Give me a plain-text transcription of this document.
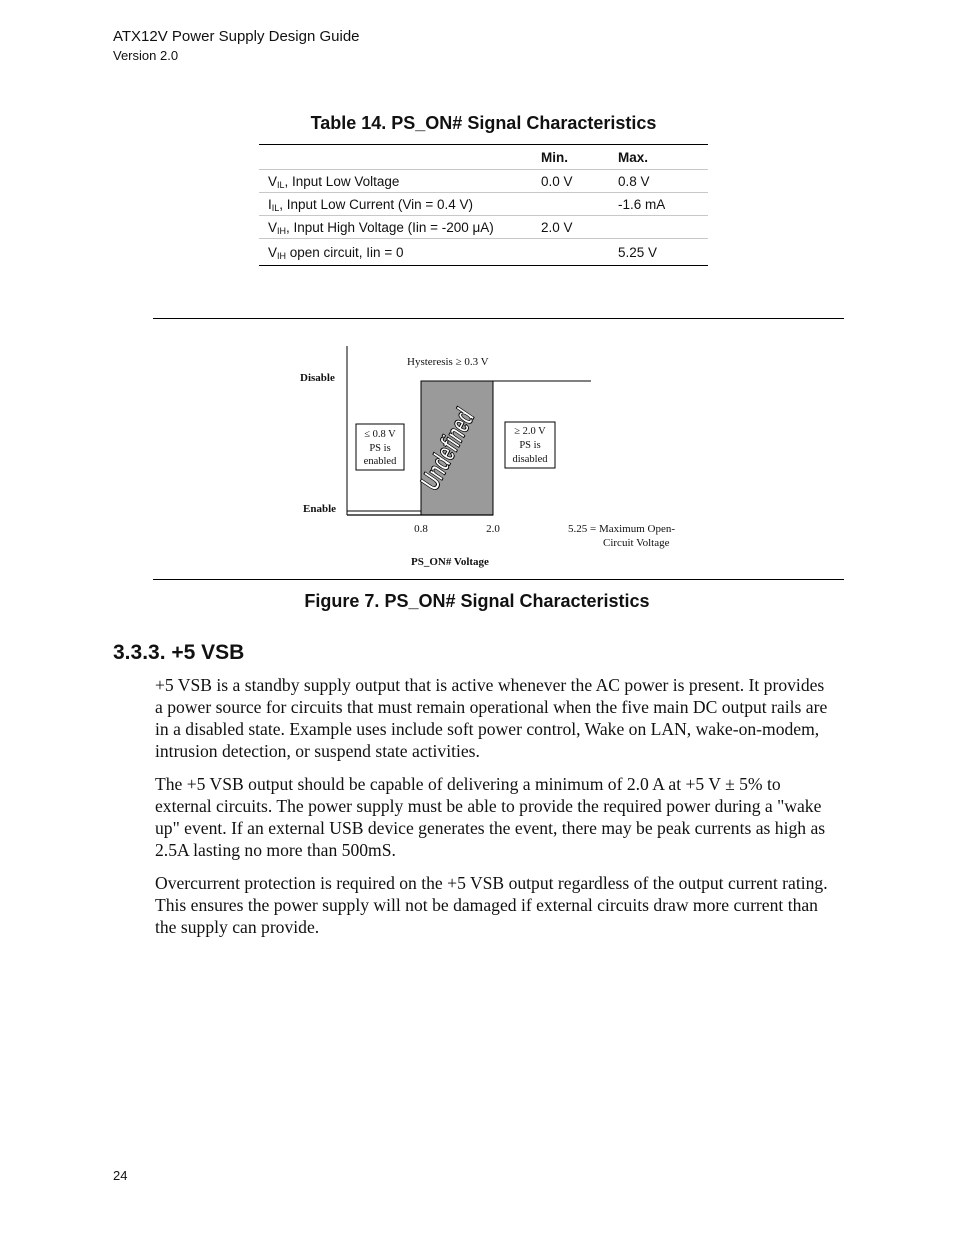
ATX12V Power Supply Design Guide
Version 2.0
Table 14. PS_ON# Signal Characteristics
	Min.	Max.
$V_{IL}$, Input Low Voltage	0.0 V	0.8 V
$I_{IL}$, Input Low Current (Vin = 0.4 V)		-1.6 mA
$V_{IH}$, Input High Voltage (Iin = -200 μA)	2.0 V	
$V_{IH}$ open circuit, Iin = 0		5.25 V
Hysteresis ≥ 0.3 V
Disable
Enable
≤ 0.8 V
PS is
enabled
≥ 2.0 V
PS is
disabled
Undefined
0.8	2.0	5.25 = Maximum Open-
Circuit Voltage
PS_ON# Voltage
Figure 7. PS_ON# Signal Characteristics
3.3.3. +5 VSB
+5 VSB is a standby supply output that is active whenever the AC power is present. It provides a power source for circuits that must remain operational when the five main DC output rails are in a disabled state. Example uses include soft power control, Wake on LAN, wake-on-modem, intrusion detection, or suspend state activities.
The +5 VSB output should be capable of delivering a minimum of 2.0 A at +5 V ± 5% to external circuits. The power supply must be able to provide the required power during a "wake up" event. If an external USB device generates the event, there may be peak currents as high as 2.5A lasting no more than 500mS.
Overcurrent protection is required on the +5 VSB output regardless of the output current rating. This ensures the power supply will not be damaged if external circuits draw more current than the supply can provide.
24
